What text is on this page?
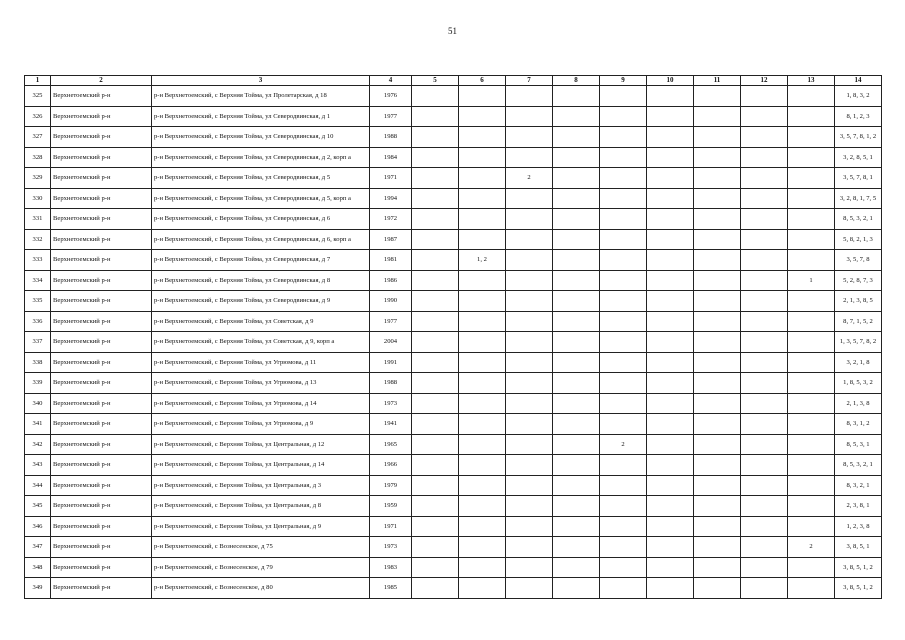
51
1	2	3	4	5	6	7	8	9	10	11	12	13	14
325	Верхнетоемский р-н	р-н Верхнетоемский, с Верхняя Тойма, ул Пролетарская, д 18	1976										1, 8, 3, 2
326	Верхнетоемский р-н	р-н Верхнетоемский, с Верхняя Тойма, ул Северодвинская, д 1	1977										8, 1, 2, 3
327	Верхнетоемский р-н	р-н Верхнетоемский, с Верхняя Тойма, ул Северодвинская, д 10	1988										3, 5, 7, 8, 1, 2
328	Верхнетоемский р-н	р-н Верхнетоемский, с Верхняя Тойма, ул Северодвинская, д 2, корп а	1984										3, 2, 8, 5, 1
329	Верхнетоемский р-н	р-н Верхнетоемский, с Верхняя Тойма, ул Северодвинская, д 5	1971			2							3, 5, 7, 8, 1
330	Верхнетоемский р-н	р-н Верхнетоемский, с Верхняя Тойма, ул Северодвинская, д 5, корп а	1994										3, 2, 8, 1, 7, 5
331	Верхнетоемский р-н	р-н Верхнетоемский, с Верхняя Тойма, ул Северодвинская, д 6	1972										8, 5, 3, 2, 1
332	Верхнетоемский р-н	р-н Верхнетоемский, с Верхняя Тойма, ул Северодвинская, д 6, корп а	1987										5, 8, 2, 1, 3
333	Верхнетоемский р-н	р-н Верхнетоемский, с Верхняя Тойма, ул Северодвинская, д 7	1981		1, 2								3, 5, 7, 8
334	Верхнетоемский р-н	р-н Верхнетоемский, с Верхняя Тойма, ул Северодвинская, д 8	1986									1	5, 2, 8, 7, 3
335	Верхнетоемский р-н	р-н Верхнетоемский, с Верхняя Тойма, ул Северодвинская, д 9	1990										2, 1, 3, 8, 5
336	Верхнетоемский р-н	р-н Верхнетоемский, с Верхняя Тойма, ул Советская, д 9	1977										8, 7, 1, 5, 2
337	Верхнетоемский р-н	р-н Верхнетоемский, с Верхняя Тойма, ул Советская, д 9, корп а	2004										1, 3, 5, 7, 8, 2
338	Верхнетоемский р-н	р-н Верхнетоемский, с Верхняя Тойма, ул Угрюмова, д 11	1991										3, 2, 1, 8
339	Верхнетоемский р-н	р-н Верхнетоемский, с Верхняя Тойма, ул Угрюмова, д 13	1988										1, 8, 5, 3, 2
340	Верхнетоемский р-н	р-н Верхнетоемский, с Верхняя Тойма, ул Угрюмова, д 14	1973										2, 1, 3, 8
341	Верхнетоемский р-н	р-н Верхнетоемский, с Верхняя Тойма, ул Угрюмова, д 9	1941										8, 3, 1, 2
342	Верхнетоемский р-н	р-н Верхнетоемский, с Верхняя Тойма, ул Центральная, д 12	1965					2					8, 5, 3, 1
343	Верхнетоемский р-н	р-н Верхнетоемский, с Верхняя Тойма, ул Центральная, д 14	1966										8, 5, 3, 2, 1
344	Верхнетоемский р-н	р-н Верхнетоемский, с Верхняя Тойма, ул Центральная, д 3	1979										8, 3, 2, 1
345	Верхнетоемский р-н	р-н Верхнетоемский, с Верхняя Тойма, ул Центральная, д 8	1959										2, 3, 8, 1
346	Верхнетоемский р-н	р-н Верхнетоемский, с Верхняя Тойма, ул Центральная, д 9	1971										1, 2, 3, 8
347	Верхнетоемский р-н	р-н Верхнетоемский, с Вознесенское, д 75	1973									2	3, 8, 5, 1
348	Верхнетоемский р-н	р-н Верхнетоемский, с Вознесенское, д 79	1983										3, 8, 5, 1, 2
349	Верхнетоемский р-н	р-н Верхнетоемский, с Вознесенское, д 80	1985										3, 8, 5, 1, 2
